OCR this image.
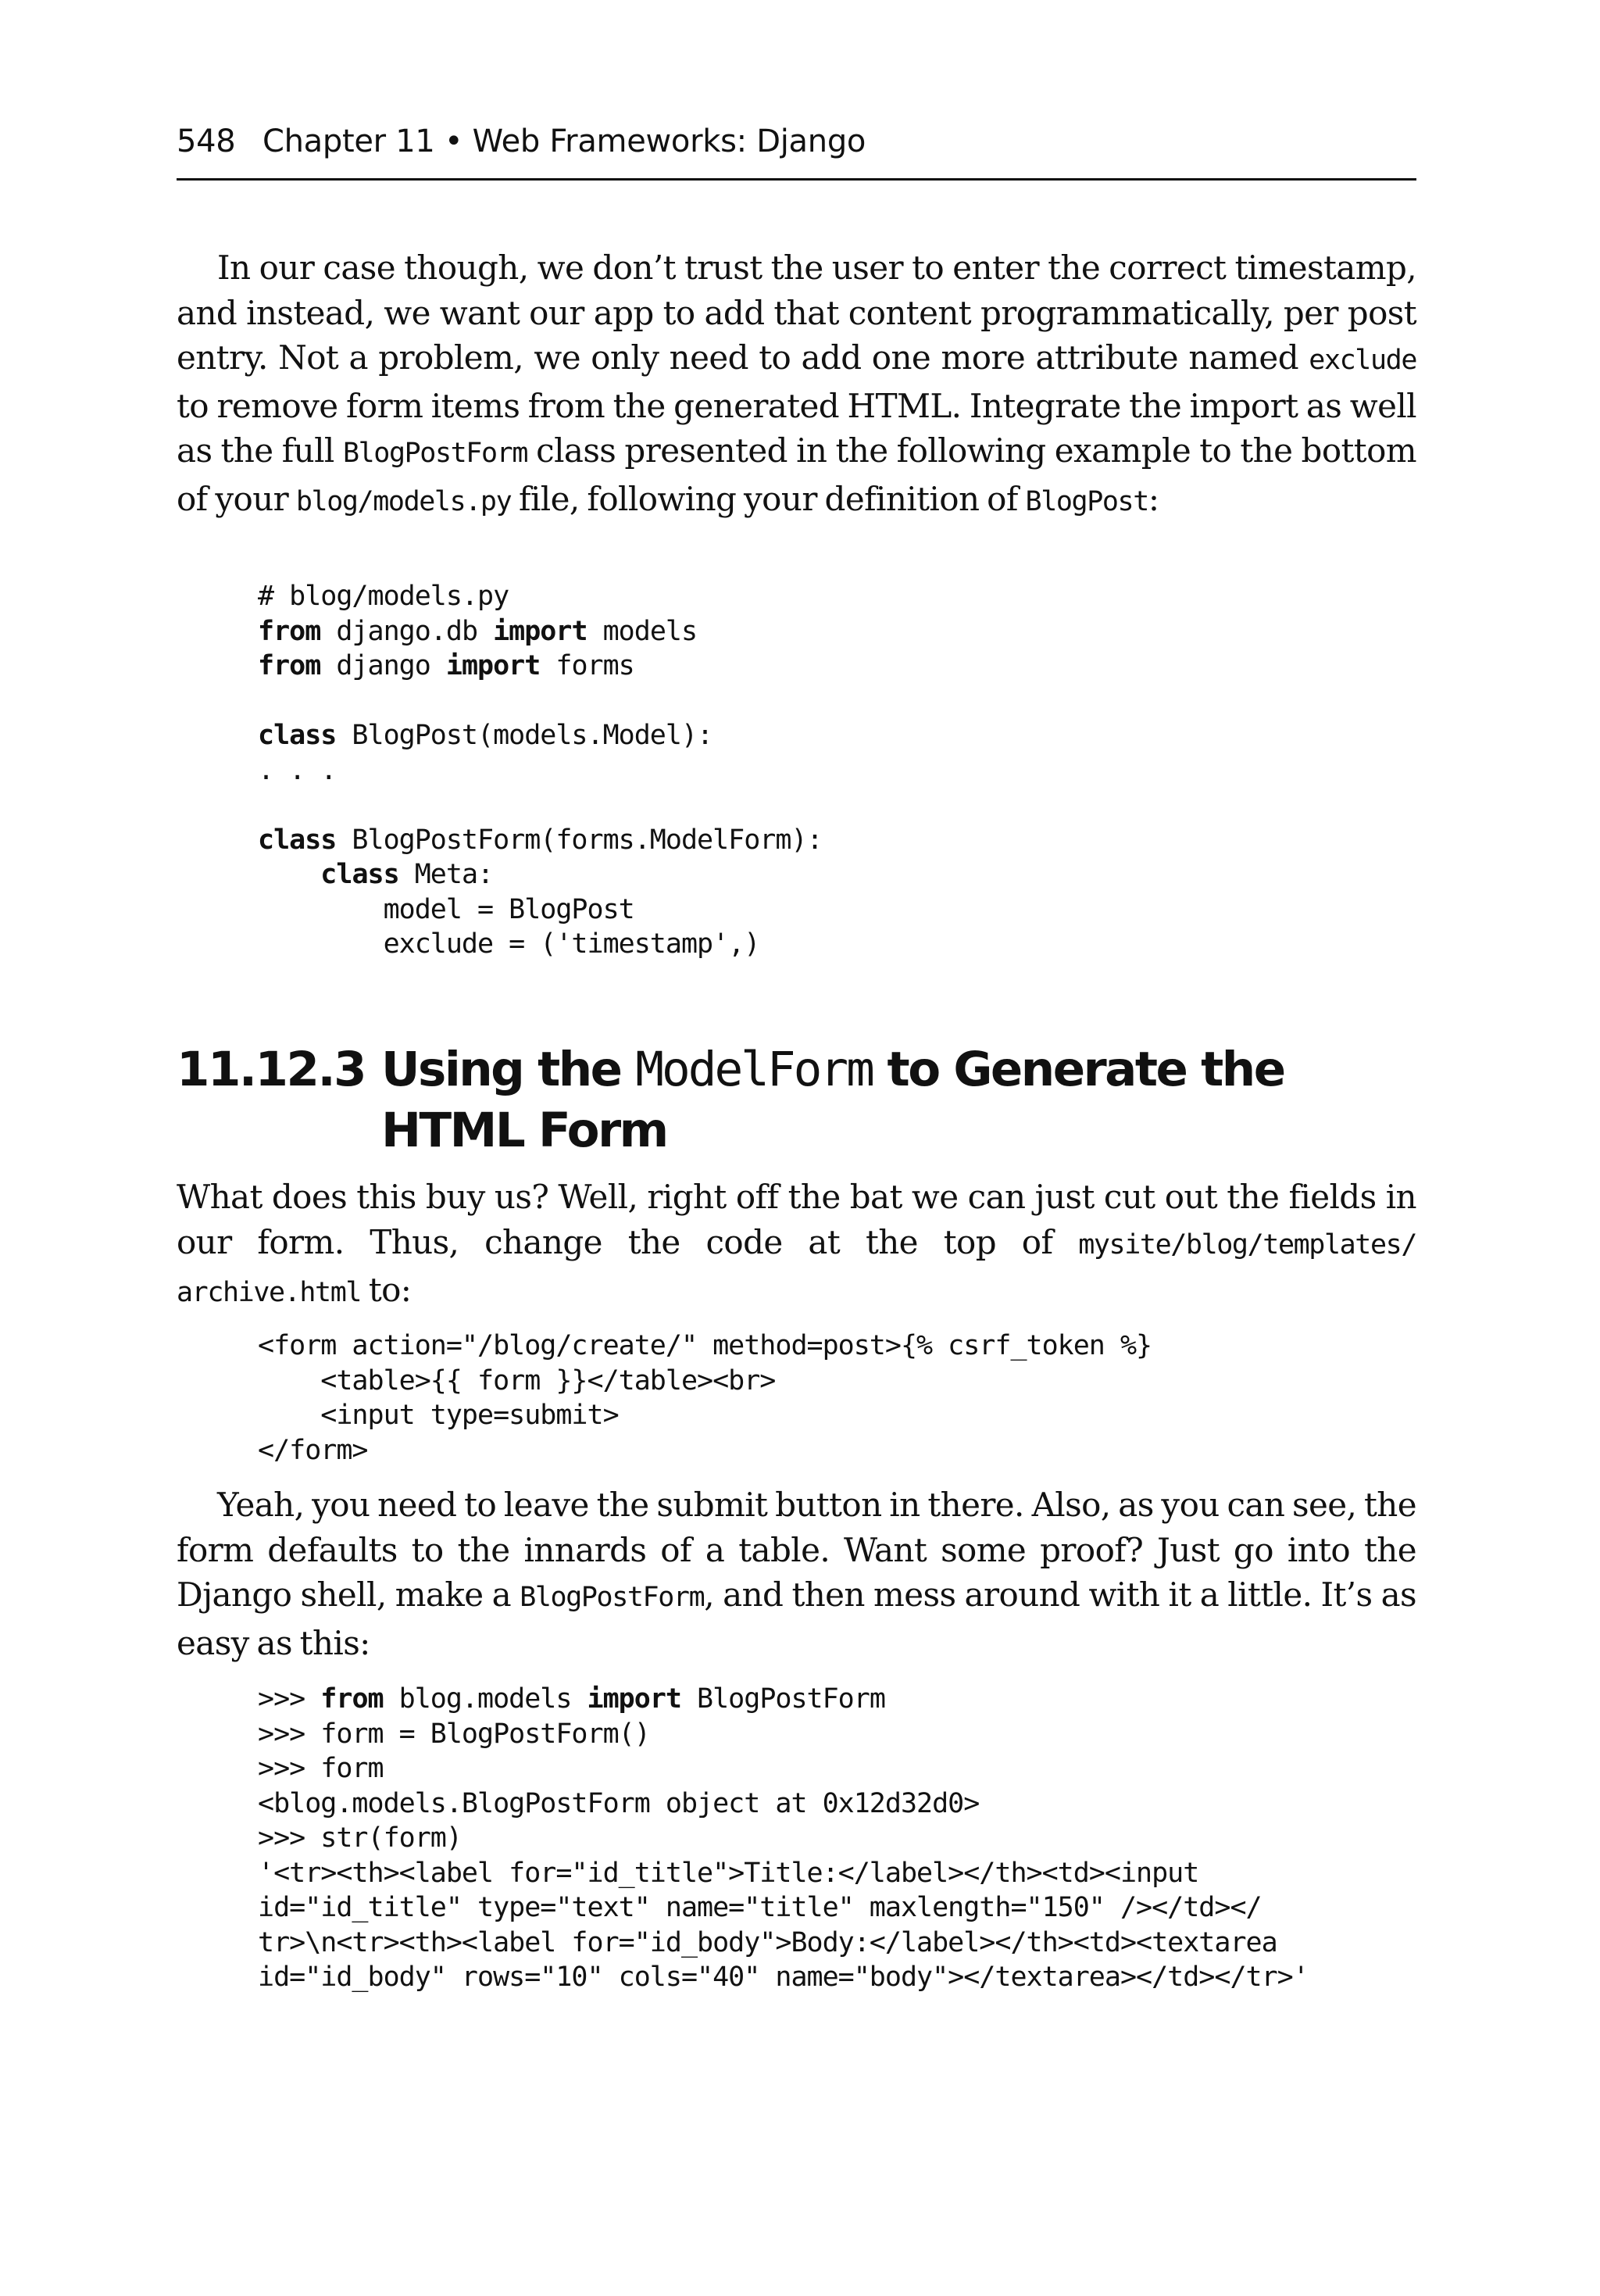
548 Chapter 11 • Web Frameworks: Django

In our case though, we don’t trust the user to enter the correct timestamp, and instead, we want our app to add that content programmatically, per post entry. Not a problem, we only need to add one more attribute named exclude to remove form items from the generated HTML. Integrate the import as well as the full BlogPostForm class presented in the following example to the bottom of your blog/models.py file, following your definition of BlogPost:

# blog/models.py
from django.db import models
from django import forms
class BlogPost(models.Model):
. . .
class BlogPostForm(forms.ModelForm):
class Meta:
model = BlogPost
exclude = ('timestamp',)
11.12.3 Using the ModelForm to Generate the
HTML Form

What does this buy us? Well, right off the bat we can just cut out the fields in our form. Thus, change the code at the top of mysite/blog/templates/ archive.html to:

<form action="/blog/create/" method=post>{% csrf_token %}
<table>{{ form }}</table><br>
<input type=submit>
</form>

Yeah, you need to leave the submit button in there. Also, as you can see, the form defaults to the innards of a table. Want some proof? Just go into the Django shell, make a BlogPostForm, and then mess around with it a little. It’s as easy as this:

>>> from blog.models import BlogPostForm
>>> form = BlogPostForm()
>>> form
<blog.models.BlogPostForm object at 0x12d32d0>
>>> str(form)
'<tr><th><label for="id_title">Title:</label></th><td><input
id="id_title" type="text" name="title" maxlength="150" /></td></
tr>\n<tr><th><label for="id_body">Body:</label></th><td><textarea
id="id_body" rows="10" cols="40" name="body"></textarea></td></tr>'
